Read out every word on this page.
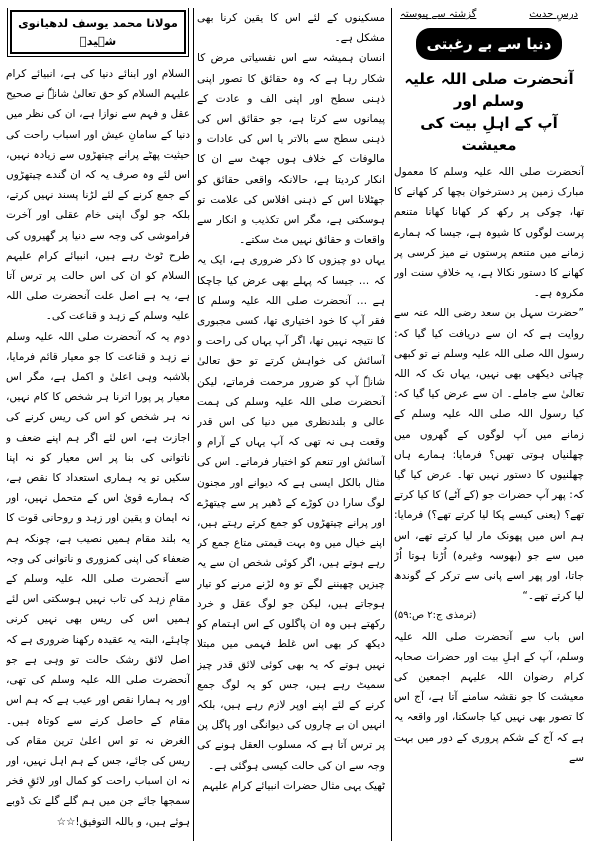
درسِ حدیث
گزشتہ سے پیوستہ
دنیا سے بے رغبتی
آنحضرت صلی اللہ علیہ وسلم اور
آپ کے اہلِ بیت کی معیشت

آنحضرت صلی اللہ علیہ وسلم کا معمول مبارک زمین پر دسترخوان بچھا کر کھانے کا تھا، چوکی پر رکھ کر کھانا کھانا متنعم پرست لوگوں کا شیوہ ہے، جیسا کہ ہمارے زمانے میں متنعم پرستوں نے میز کرسی پر کھانے کا دستور نکالا ہے، یہ خلافِ سنت اور مکروہ ہے۔

”حضرت سہل بن سعد رضی اللہ عنہ سے روایت ہے کہ ان سے دریافت کیا گیا کہ: رسول اللہ صلی اللہ علیہ وسلم نے تو کبھی چپاتی دیکھی بھی نہیں، یہاں تک کہ اللہ تعالیٰ سے جاملے۔ ان سے عرض کیا گیا کہ: کیا رسول اللہ صلی اللہ علیہ وسلم کے زمانے میں آپ لوگوں کے گھروں میں چھلنیاں ہوتی تھیں؟ فرمایا: ہمارے ہاں چھلنیوں کا دستور نہیں تھا۔ عرض کیا گیا کہ: پھر آپ حضرات جو (کے آٹے) کا کیا کرتے تھے؟ (یعنی کیسے پکا لیا کرتے تھے؟) فرمایا: ہم اس میں پھونک مار لیا کرتے تھے، اس میں سے جو (بھوسہ وغیرہ) اُڑنا ہوتا اُڑ جاتا، اور پھر اسے پانی سے ترکر کے گوندھ لیا کرتے تھے۔“

(ترمذی ج:۲ ص:۵۹)

اس باب سے آنحضرت صلی اللہ علیہ وسلم، آپ کے اہلِ بیت اور حضرات صحابہ کرام رضوان اللہ علیہم اجمعین کی معیشت کا جو نقشہ سامنے آتا ہے، آج اس کا تصور بھی نہیں کیا جاسکتا، اور واقعہ یہ ہے کہ آج کے شکم پروری کے دور میں بہت سے

مسکینوں کے لئے اس کا یقین کرنا بھی مشکل ہے۔

انسان ہمیشہ سے اس نفسیاتی مرض کا شکار رہا ہے کہ وہ حقائق کا تصور اپنی ذہنی سطح اور اپنی الف و عادت کے پیمانوں سے کرتا ہے، جو حقائق اس کی ذہنی سطح سے بالاتر یا اس کی عادات و مالوفات کے خلاف ہوں جھٹ سے ان کا انکار کردیتا ہے، حالانکہ واقعی حقائق کو جھٹلانا اس کے ذہنی افلاس کی علامت تو ہوسکتی ہے، مگر اس تکذیب و انکار سے واقعات و حقائق نہیں مٹ سکتے۔

یہاں دو چیزوں کا ذکر ضروری ہے، ایک یہ کہ … جیسا کہ پہلے بھی عرض کیا جاچکا ہے … آنحضرت صلی اللہ علیہ وسلم کا فقر آپ کا خود اختیاری تھا، کسی مجبوری کا نتیجہ نہیں تھا، اگر آپ یہاں کی راحت و آسائش کی خواہش کرتے تو حق تعالیٰ شانہٗ آپ کو ضرور مرحمت فرماتے، لیکن آنحضرت صلی اللہ علیہ وسلم کی ہمت عالی و بلندنظری میں دنیا کی اس قدر وقعت ہی نہ تھی کہ آپ یہاں کے آرام و آسائش اور تنعم کو اختیار فرماتے۔ اس کی مثال بالکل ایسی ہے کہ دیوانے اور مجنون لوگ سارا دن کوڑے کے ڈھیر پر سے چیتھڑے اور پرانے چیتھڑوں کو جمع کرتے رہتے ہیں، اپنے خیال میں وہ بہت قیمتی متاع جمع کر رہے ہوتے ہیں، اگر کوئی شخص ان سے یہ چیزیں چھیننے لگے تو وہ لڑنے مرنے کو تیار ہوجاتے ہیں، لیکن جو لوگ عقل و خرد رکھتے ہیں وہ ان پاگلوں کے اس اہتمام کو دیکھ کر بھی اس غلط فہمی میں مبتلا نہیں ہوتے کہ یہ بھی کوئی لائق قدر چیز سمیٹ رہے ہیں، جس کو یہ لوگ جمع کرنے کے لئے اپنے اوپر لازم رہے ہیں، بلکہ انہیں ان بے چاروں کی دیوانگی اور پاگل پن پر ترس آتا ہے کہ مسلوب العقل ہونے کی وجہ سے ان کی حالت کیسی ہوگئی ہے۔

ٹھیک یہی مثال حضرات انبیائے کرام علیہم

مولانا محمد یوسف لدھیانوی شہیدؒ

السلام اور ابنائے دنیا کی ہے، انبیائے کرام علیہم السلام کو حق تعالیٰ شانہٗ نے صحیح عقل و فہم سے نوازا ہے، ان کی نظر میں دنیا کے سامانِ عیش اور اسباب راحت کی حیثیت پھٹے پرانے چیتھڑوں سے زیادہ نہیں، اس لئے وہ صرف یہ کہ ان گندے چیتھڑوں کے جمع کرنے کے لئے لڑنا پسند نہیں کرتے، بلکہ جو لوگ اپنی خام عقلی اور آخرت فراموشی کی وجہ سے دنیا پر گھیروں کی طرح ٹوٹ رہے ہیں، انبیائے کرام علیہم السلام کو ان کی اس حالت پر ترس آتا ہے، یہ ہے اصل علت آنحضرت صلی اللہ علیہ وسلم کے زہد و قناعت کی۔

دوم یہ کہ آنحضرت صلی اللہ علیہ وسلم نے زہد و قناعت کا جو معیار قائم فرمایا، بلاشبہ وہی اعلیٰ و اکمل ہے، مگر اس معیار پر پورا اترنا ہر شخص کا کام نہیں، نہ ہر شخص کو اس کی ریس کرنے کی اجازت ہے، اس لئے اگر ہم اپنے ضعف و ناتوانی کی بنا پر اس معیار کو نہ اپنا سکیں تو یہ ہماری استعداد کا نقص ہے، کہ ہمارے قویٰ اس کے متحمل نہیں، اور نہ ایمان و یقین اور زہد و روحانی قوت کا یہ بلند مقام ہمیں نصیب ہے، چونکہ ہم ضعفاء کی اپنی کمزوری و ناتوانی کی وجہ سے آنحضرت صلی اللہ علیہ وسلم کے مقامِ زہد کی تاب نہیں ہوسکتی اس لئے ہمیں اس کی ریس بھی نہیں کرنی چاہئے، البتہ یہ عقیدہ رکھنا ضروری ہے کہ اصل لائق رشک حالت تو وہی ہے جو آنحضرت صلی اللہ علیہ وسلم کی تھی، اور یہ ہمارا نقص اور عیب ہے کہ ہم اس مقام کے حاصل کرنے سے کوتاہ ہیں۔ الغرض نہ تو اس اعلیٰ ترین مقام کی ریس کی جائے، جس کے ہم اہل نہیں، اور نہ ان اسباب راحت کو کمال اور لائقِ فخر سمجھا جائے جن میں ہم گلے گلے تک ڈوبے ہوئے ہیں، و باللہ التوفیق!☆☆
